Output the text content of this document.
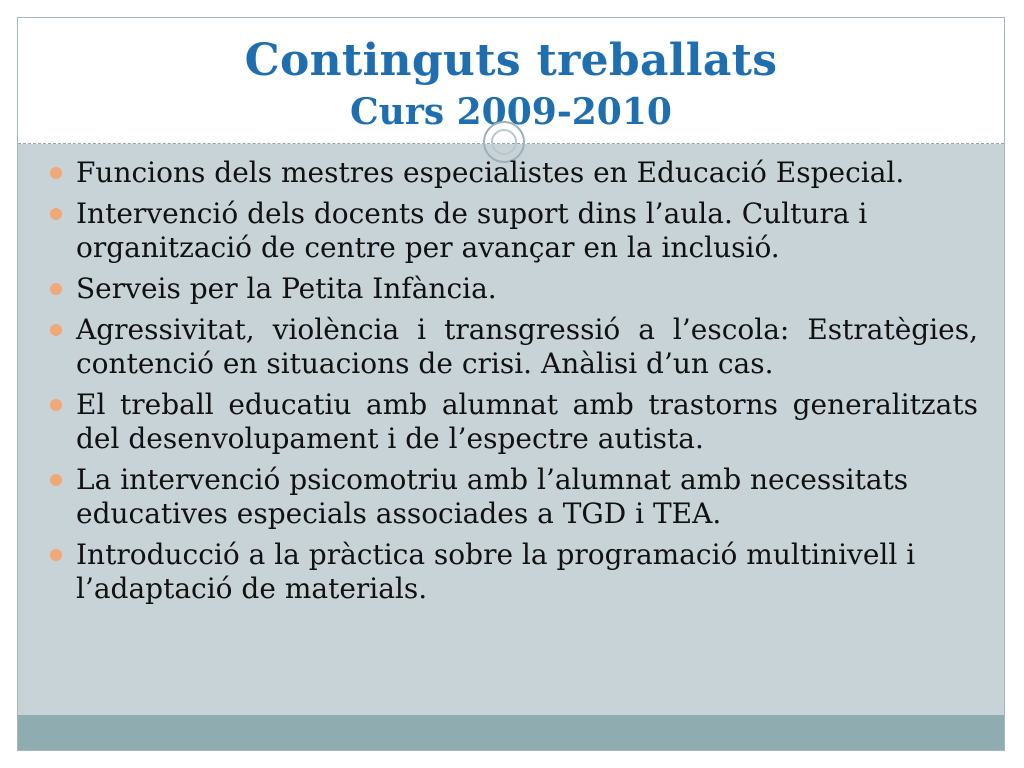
Continguts treballats
Curs 2009-2010
Funcions dels mestres especialistes en Educació Especial.
Intervenció dels docents de suport dins l’aula. Cultura i organització de centre per avançar en la inclusió.
Serveis per la Petita Infància.
Agressivitat, violència i transgressió a l’escola: Estratègies, contenció en situacions de crisi. Anàlisi d’un cas.
El treball educatiu amb alumnat amb trastorns generalitzats del desenvolupament i de l’espectre autista.
La intervenció psicomotriu amb l’alumnat amb necessitats educatives especials associades a TGD i TEA.
Introducció a la pràctica sobre la programació multinivell i l’adaptació de materials.
